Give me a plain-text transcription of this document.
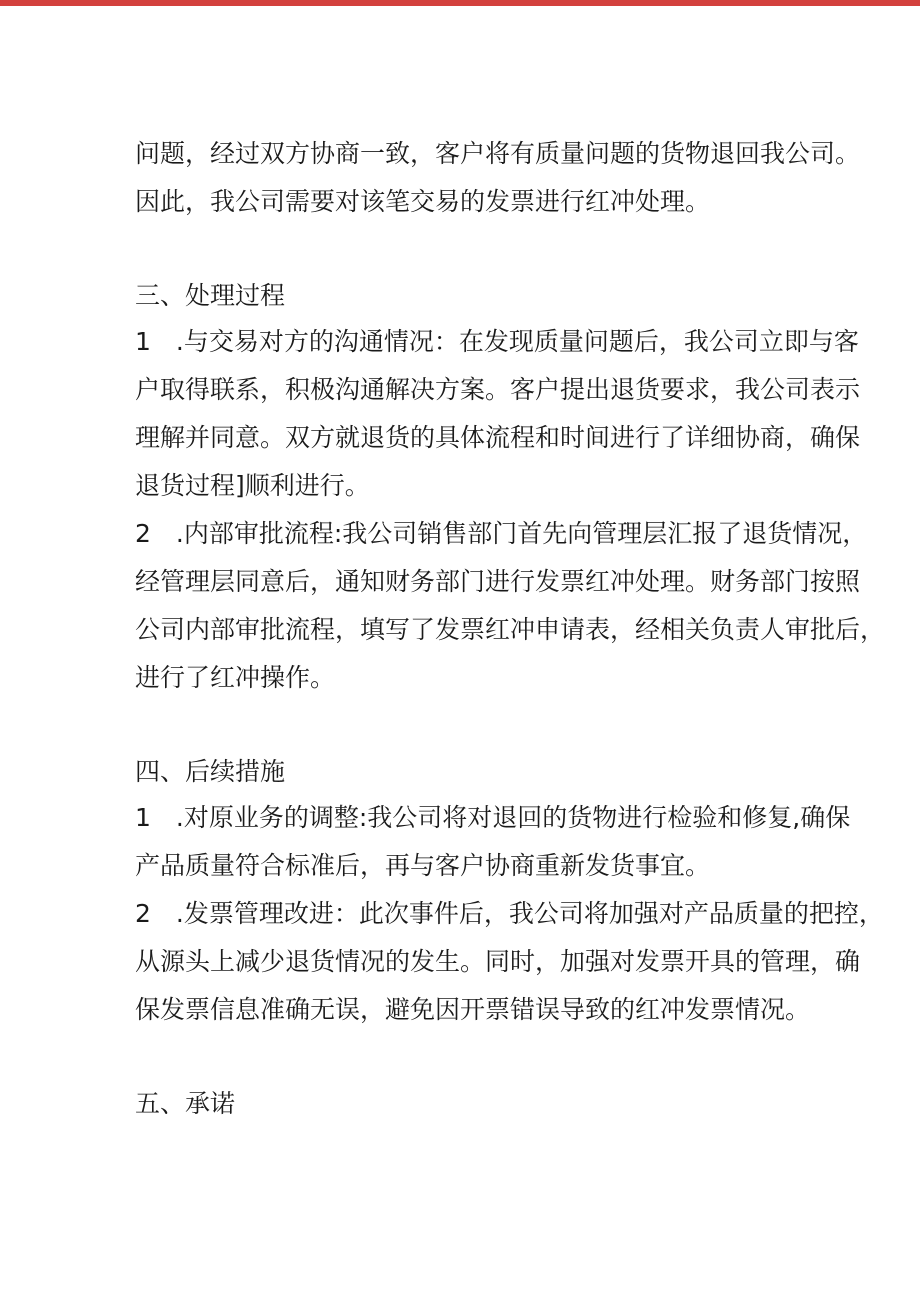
问题，经过双方协商一致，客户将有质量问题的货物退回我公司。
因此，我公司需要对该笔交易的发票进行红冲处理。
三、处理过程
1　.与交易对方的沟通情况：在发现质量问题后，我公司立即与客
户取得联系，积极沟通解决方案。客户提出退货要求，我公司表示
理解并同意。双方就退货的具体流程和时间进行了详细协商，确保
退货过程]顺利进行。
2　.内部审批流程:我公司销售部门首先向管理层汇报了退货情况，
经管理层同意后，通知财务部门进行发票红冲处理。财务部门按照
公司内部审批流程，填写了发票红冲申请表，经相关负责人审批后，
进行了红冲操作。
四、后续措施
1　.对原业务的调整:我公司将对退回的货物进行检验和修复,确保
产品质量符合标准后，再与客户协商重新发货事宜。
2　.发票管理改进：此次事件后，我公司将加强对产品质量的把控，
从源头上减少退货情况的发生。同时，加强对发票开具的管理，确
保发票信息准确无误，避免因开票错误导致的红冲发票情况。
五、承诺
